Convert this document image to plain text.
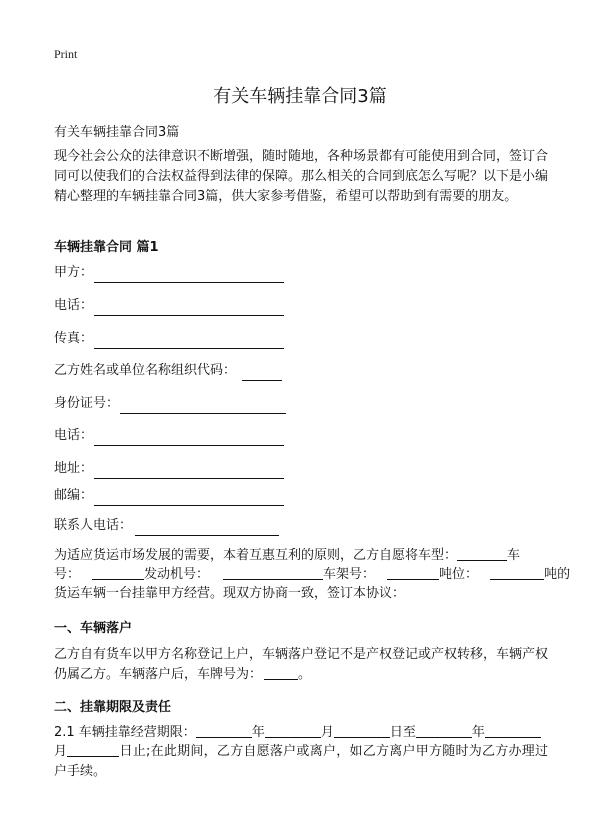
Print
有关车辆挂靠合同3篇
有关车辆挂靠合同3篇
现今社会公众的法律意识不断增强，随时随地，各种场景都有可能使用到合同，签订合同可以使我们的合法权益得到法律的保障。那么相关的合同到底怎么写呢？以下是小编精心整理的车辆挂靠合同3篇，供大家参考借鉴，希望可以帮助到有需要的朋友。
车辆挂靠合同 篇1
甲方：
电话：
传真：
乙方姓名或单位名称组织代码：
身份证号：
电话：
地址：
邮编：
联系人电话：
为适应货运市场发展的需要，本着互惠互利的原则，乙方自愿将车型：	车
号：	发动机号：	车架号：	吨位：	吨的
货运车辆一台挂靠甲方经营。现双方协商一致，签订本协议：
一、车辆落户
乙方自有货车以甲方名称登记上户，车辆落户登记不是产权登记或产权转移，车辆产权仍属乙方。车辆落户后，车牌号为：	。
二、挂靠期限及责任
2.1 车辆挂靠经营期限：	年	月	日至	年
月	日止;在此期间，乙方自愿落户或离户，如乙方离户甲方随时为乙方办理过户手续。
